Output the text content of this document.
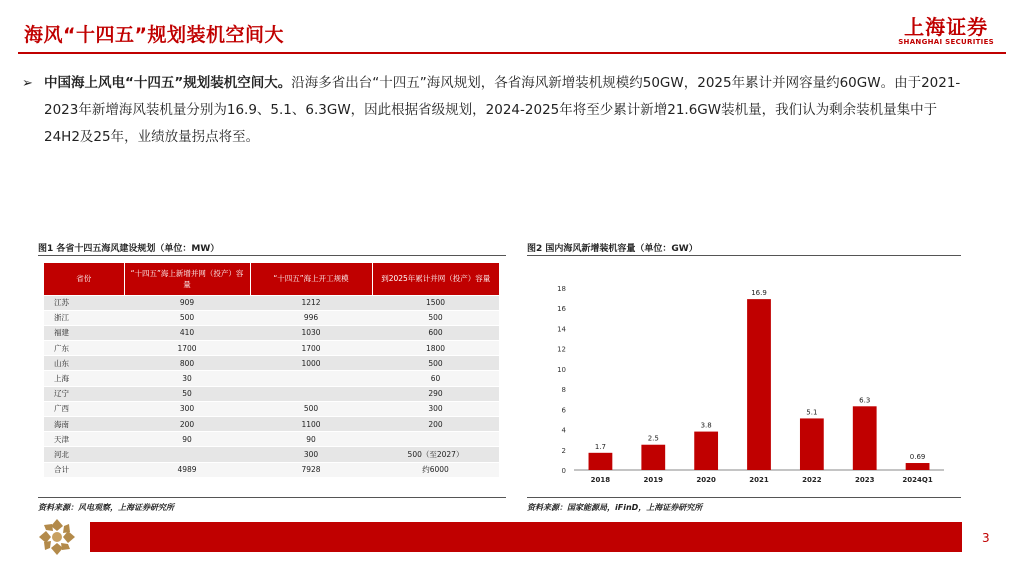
海风“十四五”规划装机空间大	上海证券
SHANGHAI SECURITIES
➢ 中国海上风电“十四五”规划装机空间大。沿海多省出台“十四五”海风规划，各省海风新增装机规模约50GW，2025年累计并网容量约60GW。由于2021-2023年新增海风装机量分别为16.9、5.1、6.3GW，因此根据省级规划，2024-2025年将至少累计新增21.6GW装机量，我们认为剩余装机量集中于24H2及25年，业绩放量拐点将至。
图1 各省十四五海风建设规划（单位：MW）
省份	“十四五”海上新增并网（投产）容量	“十四五”海上开工规模	到2025年累计并网（投产）容量
江苏	909	1212	1500
浙江	500	996	500
福建	410	1030	600
广东	1700	1700	1800
山东	800	1000	500
上海	30		60
辽宁	50		290
广西	300	500	300
海南	200	1100	200
天津	90	90	
河北		300	500（至2027）
合计	4989	7928	约6000
资料来源：风电观察，上海证券研究所
图2 国内海风新增装机容量（单位：GW）
0
2
4
6
8
10
12
14
16
18
1.7
2018
2.5
2019
3.8
2020
16.9
2021
5.1
2022
6.3
2023
0.69
2024Q1
资料来源：国家能源局，iFinD，上海证券研究所
3
